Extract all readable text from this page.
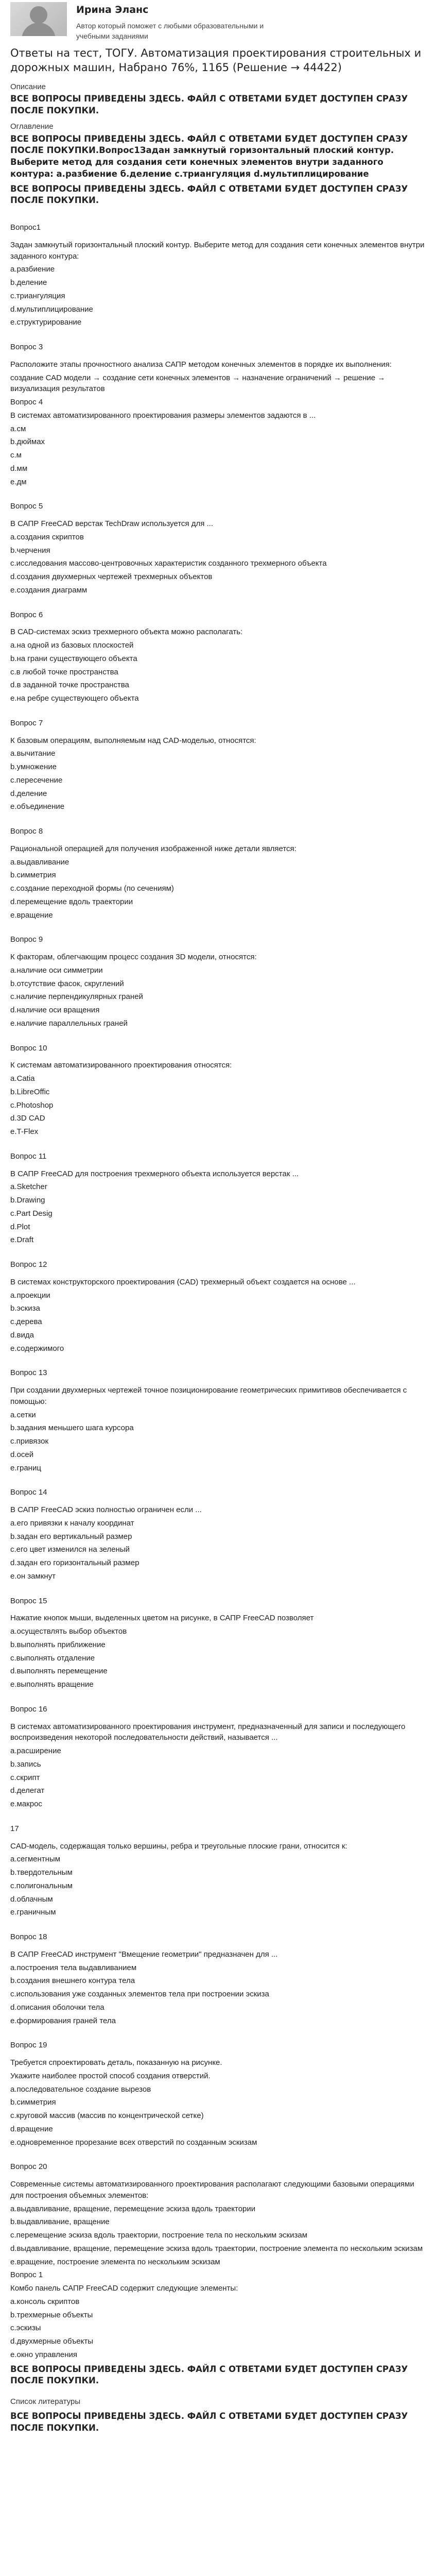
Ирина Эланс
Автор который поможет с любыми образовательными и учебными заданиями
Ответы на тест, ТОГУ. Автоматизация проектирования строительных и дорожных машин, Набрано 76%, 1165 (Решение → 44422)
Описание
ВСЕ ВОПРОСЫ ПРИВЕДЕНЫ ЗДЕСЬ. ФАЙЛ С ОТВЕТАМИ БУДЕТ ДОСТУПЕН СРАЗУ ПОСЛЕ ПОКУПКИ.
Оглавление
ВСЕ ВОПРОСЫ ПРИВЕДЕНЫ ЗДЕСЬ. ФАЙЛ С ОТВЕТАМИ БУДЕТ ДОСТУПЕН СРАЗУ ПОСЛЕ ПОКУПКИ.Вопрос1Задан замкнутый горизонтальный плоский контур. Выберите метод для создания сети конечных элементов внутри заданного контура: а.разбиение б.деление с.триангуляция d.мультиплицирование
ВСЕ ВОПРОСЫ ПРИВЕДЕНЫ ЗДЕСЬ. ФАЙЛ С ОТВЕТАМИ БУДЕТ ДОСТУПЕН СРАЗУ ПОСЛЕ ПОКУПКИ.
Вопрос1
Задан замкнутый горизонтальный плоский контур. Выберите метод для создания сети конечных элементов внутри заданного контура:
а.разбиение
b.деление
с.триангуляция
d.мультиплицирование
e.структурирование
Вопрос 3
Расположите этапы прочностного анализа САПР методом конечных элементов в порядке их выполнения:
создание САD модели → создание сети конечных элементов → назначение ограничений → решение → визуализация результатов
Вопрос 4
В системах автоматизированного проектирования размеры элементов задаются в ...
a.см
b.дюймах
c.м
d.мм
e.дм
Вопрос 5
В САПР FreeCAD верстак TechDraw используется для ...
а.создания скриптов
b.черчения
c.исследования массово-центровочных характеристик созданного трехмерного объекта
d.создания двухмерных чертежей трехмерных объектов
e.создания диаграмм
Вопрос 6
В САD-системах эскиз трехмерного объекта можно располагать:
а.на одной из базовых плоскостей
b.на грани существующего объекта
c.в любой точке пространства
d.в заданной точке пространства
e.на ребре существующего объекта
Вопрос 7
К базовым операциям, выполняемым над CAD-моделью, относятся:
а.вычитание
b.умножение
c.пересечение
d.деление
e.объединение
Вопрос 8
Рациональной операцией для получения изображенной ниже детали является:
а.выдавливание
b.симметрия
c.создание переходной формы (по сечениям)
d.перемещение вдоль траектории
e.вращение
Вопрос 9
К факторам, облегчающим процесс создания 3D модели, относятся:
а.наличие оси симметрии
b.отсутствие фасок, скруглений
c.наличие перпендикулярных граней
d.наличие оси вращения
e.наличие параллельных граней
Вопрос 10
К системам автоматизированного проектирования относятся:
a.Catia
b.LibreOffic
c.Photoshop
d.3D CAD
e.T-Flex
Вопрос 11
В САПР FreeCAD для построения трехмерного объекта используется верстак ...
a.Sketcher
b.Drawing
c.Part Desig
d.Plot
e.Draft
Вопрос 12
В системах конструкторского проектирования (CAD) трехмерный объект создается на основе ...
а.проекции
b.эскиза
c.дерева
d.вида
e.содержимого
Вопрос 13
При создании двухмерных чертежей точное позиционирование геометрических примитивов обеспечивается с помощью:
а.сетки
b.задания меньшего шага курсора
c.привязок
d.осей
e.границ
Вопрос 14
В САПР FreeCAD эскиз полностью ограничен если ...
а.его привязки к началу координат
b.задан его вертикальный размер
c.его цвет изменился на зеленый
d.задан его горизонтальный размер
e.он замкнут
Вопрос 15
Нажатие кнопок мыши, выделенных цветом на рисунке, в САПР FreeCAD позволяет
а.осуществлять выбор объектов
b.выполнять приближение
c.выполнять отдаление
d.выполнять перемещение
e.выполнять вращение
Вопрос 16
В системах автоматизированного проектирования инструмент, предназначенный для записи и последующего воспроизведения некоторой последовательности действий, называется ...
а.расширение
b.запись
c.скрипт
d.делегат
e.макрос
17
CAD-модель, содержащая только вершины, ребра и треугольные плоские грани, относится к:
а.сегментным
b.твердотельным
c.полигональным
d.облачным
e.граничным
Вопрос 18
В САПР FreeCAD инструмент "Вмещение геометрии" предназначен для ...
а.построения тела выдавливанием
b.создания внешнего контура тела
c.использования уже созданных элементов тела при построении эскиза
d.описания оболочки тела
e.формирования граней тела
Вопрос 19
Требуется спроектировать деталь, показанную на рисунке.
Укажите наиболее простой способ создания отверстий.
а.последовательное создание вырезов
b.симметрия
c.круговой массив (массив по концентрической сетке)
d.вращение
e.одновременное прорезание всех отверстий по созданным эскизам
Вопрос 20
Современные системы автоматизированного проектирования располагают следующими базовыми операциями для построения объемных элементов:
а.выдавливание, вращение, перемещение эскиза вдоль траектории
b.выдавливание, вращение
c.перемещение эскиза вдоль траектории, построение тела по нескольким эскизам
d.выдавливание, вращение, перемещение эскиза вдоль траектории, построение элемента по нескольким эскизам
e.вращение, построение элемента по нескольким эскизам
Вопрос 1
Комбо панель САПР FreeCAD содержит следующие элементы:
а.консоль скриптов
b.трехмерные объекты
c.эскизы
d.двухмерные объекты
e.окно управления
ВСЕ ВОПРОСЫ ПРИВЕДЕНЫ ЗДЕСЬ. ФАЙЛ С ОТВЕТАМИ БУДЕТ ДОСТУПЕН СРАЗУ ПОСЛЕ ПОКУПКИ.
Список литературы
ВСЕ ВОПРОСЫ ПРИВЕДЕНЫ ЗДЕСЬ. ФАЙЛ С ОТВЕТАМИ БУДЕТ ДОСТУПЕН СРАЗУ ПОСЛЕ ПОКУПКИ.
